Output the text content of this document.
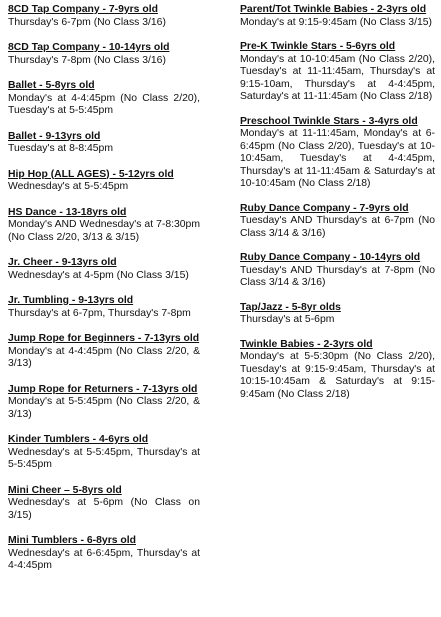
8CD Tap Company - 7-9yrs old
Thursday's 6-7pm (No Class 3/16)
8CD Tap Company - 10-14yrs old
Thursday's 7-8pm (No Class 3/16)
Ballet - 5-8yrs old
Monday's at 4-4:45pm (No Class 2/20), Tuesday's at 5-5:45pm
Ballet - 9-13yrs old
Tuesday's at 8-8:45pm
Hip Hop (ALL AGES) - 5-12yrs old
Wednesday's at 5-5:45pm
HS Dance - 13-18yrs old
Monday's AND Wednesday's at 7-8:30pm (No Class 2/20, 3/13 & 3/15)
Jr. Cheer - 9-13yrs old
Wednesday's at 4-5pm (No Class 3/15)
Jr. Tumbling - 9-13yrs old
Thursday's at 6-7pm, Thursday's 7-8pm
Jump Rope for Beginners - 7-13yrs old
Monday's at 4-4:45pm (No Class 2/20, & 3/13)
Jump Rope for Returners - 7-13yrs old
Monday's at 5-5:45pm (No Class 2/20, & 3/13)
Kinder Tumblers - 4-6yrs old
Wednesday's at 5-5:45pm, Thursday's at 5-5:45pm
Mini Cheer – 5-8yrs old
Wednesday's at 5-6pm (No Class on 3/15)
Mini Tumblers - 6-8yrs old
Wednesday's at 6-6:45pm, Thursday's at 4-4:45pm
Parent/Tot Twinkle Babies - 2-3yrs old
Monday's at 9:15-9:45am (No Class 3/15)
Pre-K Twinkle Stars - 5-6yrs old
Monday's at 10-10:45am (No Class 2/20), Tuesday's at 11-11:45am, Thursday's at 9:15-10am, Thursday's at 4-4:45pm, Saturday's at 11-11:45am (No Class 2/18)
Preschool Twinkle Stars - 3-4yrs old
Monday's at 11-11:45am, Monday's at 6-6:45pm (No Class 2/20), Tuesday's at 10-10:45am, Tuesday's at 4-4:45pm, Thursday's at 11-11:45am & Saturday's at 10-10:45am (No Class 2/18)
Ruby Dance Company - 7-9yrs old
Tuesday's AND Thursday's at 6-7pm (No Class 3/14 & 3/16)
Ruby Dance Company - 10-14yrs old
Tuesday's AND Thursday's at 7-8pm (No Class 3/14 & 3/16)
Tap/Jazz - 5-8yr olds
Thursday's at 5-6pm
Twinkle Babies - 2-3yrs old
Monday's at 5-5:30pm (No Class 2/20), Tuesday's at 9:15-9:45am, Thursday's at 10:15-10:45am & Saturday's at 9:15-9:45am (No Class 2/18)
